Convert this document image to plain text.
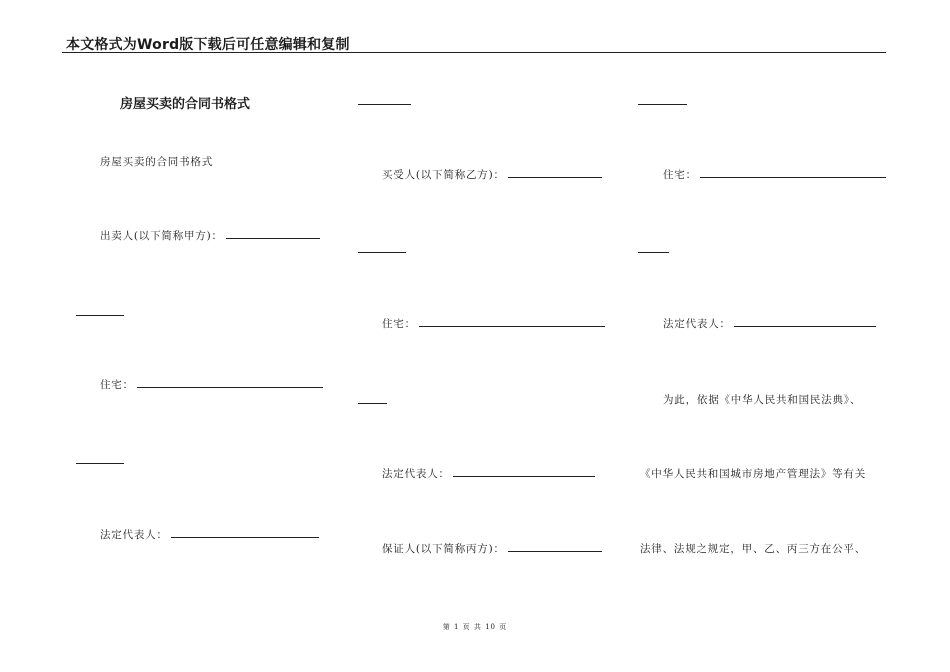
本文格式为Word版下载后可任意编辑和复制
房屋买卖的合同书格式
房屋买卖的合同书格式
出卖人(以下简称甲方)：
住宅：
法定代表人：
买受人(以下简称乙方)：
住宅：
法定代表人：
保证人(以下简称丙方)：
住宅：
法定代表人：
为此，依据《中华人民共和国民法典》、
《中华人民共和国城市房地产管理法》等有关
法律、法规之规定，甲、乙、丙三方在公平、
第 1 页 共 10 页
